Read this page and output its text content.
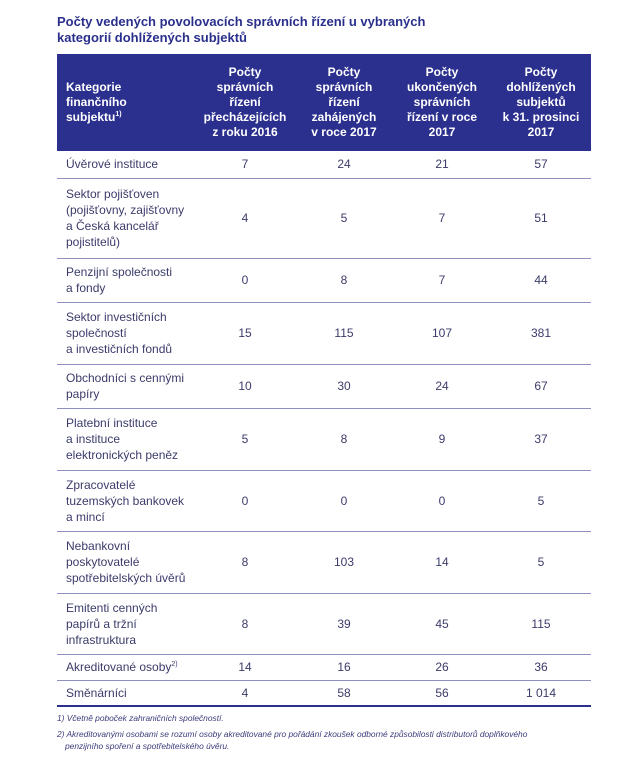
Počty vedených povolovacích správních řízení u vybraných
kategorií dohlížených subjektů
Kategorie
finančního
subjektu$^{1)}$	Počty
správních
řízení
přecházejících
z roku 2016	Počty
správních
řízení
zahájených
v roce 2017	Počty
ukončených
správních
řízení v roce
2017	Počty
dohlížených
subjektů
k 31. prosinci
2017

Úvěrové instituce	7	24	21	57

Sektor pojišťoven
(pojišťovny, zajišťovny
a Česká kancelář
pojistitelů)	4	5	7	51

Penzijní společnosti
a fondy	0	8	7	44

Sektor investičních
společností
a investičních fondů	15	115	107	381

Obchodníci s cennými
papíry	10	30	24	67

Platební instituce
a instituce
elektronických peněz	5	8	9	37

Zpracovatelé
tuzemských bankovek
a mincí	0	0	0	5

Nebankovní
poskytovatelé
spotřebitelských úvěrů	8	103	14	5

Emitenti cenných
papírů a tržní
infrastruktura	8	39	45	115

Akreditované osoby$^{2)}$	14	16	26	36

Směnárníci	4	58	56	1 014

1) Včetně poboček zahraničních společností.

2) Akreditovanými osobami se rozumí osoby akreditované pro pořádání zkoušek odborné způsobilosti distributorů doplňkového
penzijního spoření a spotřebitelského úvěru.
